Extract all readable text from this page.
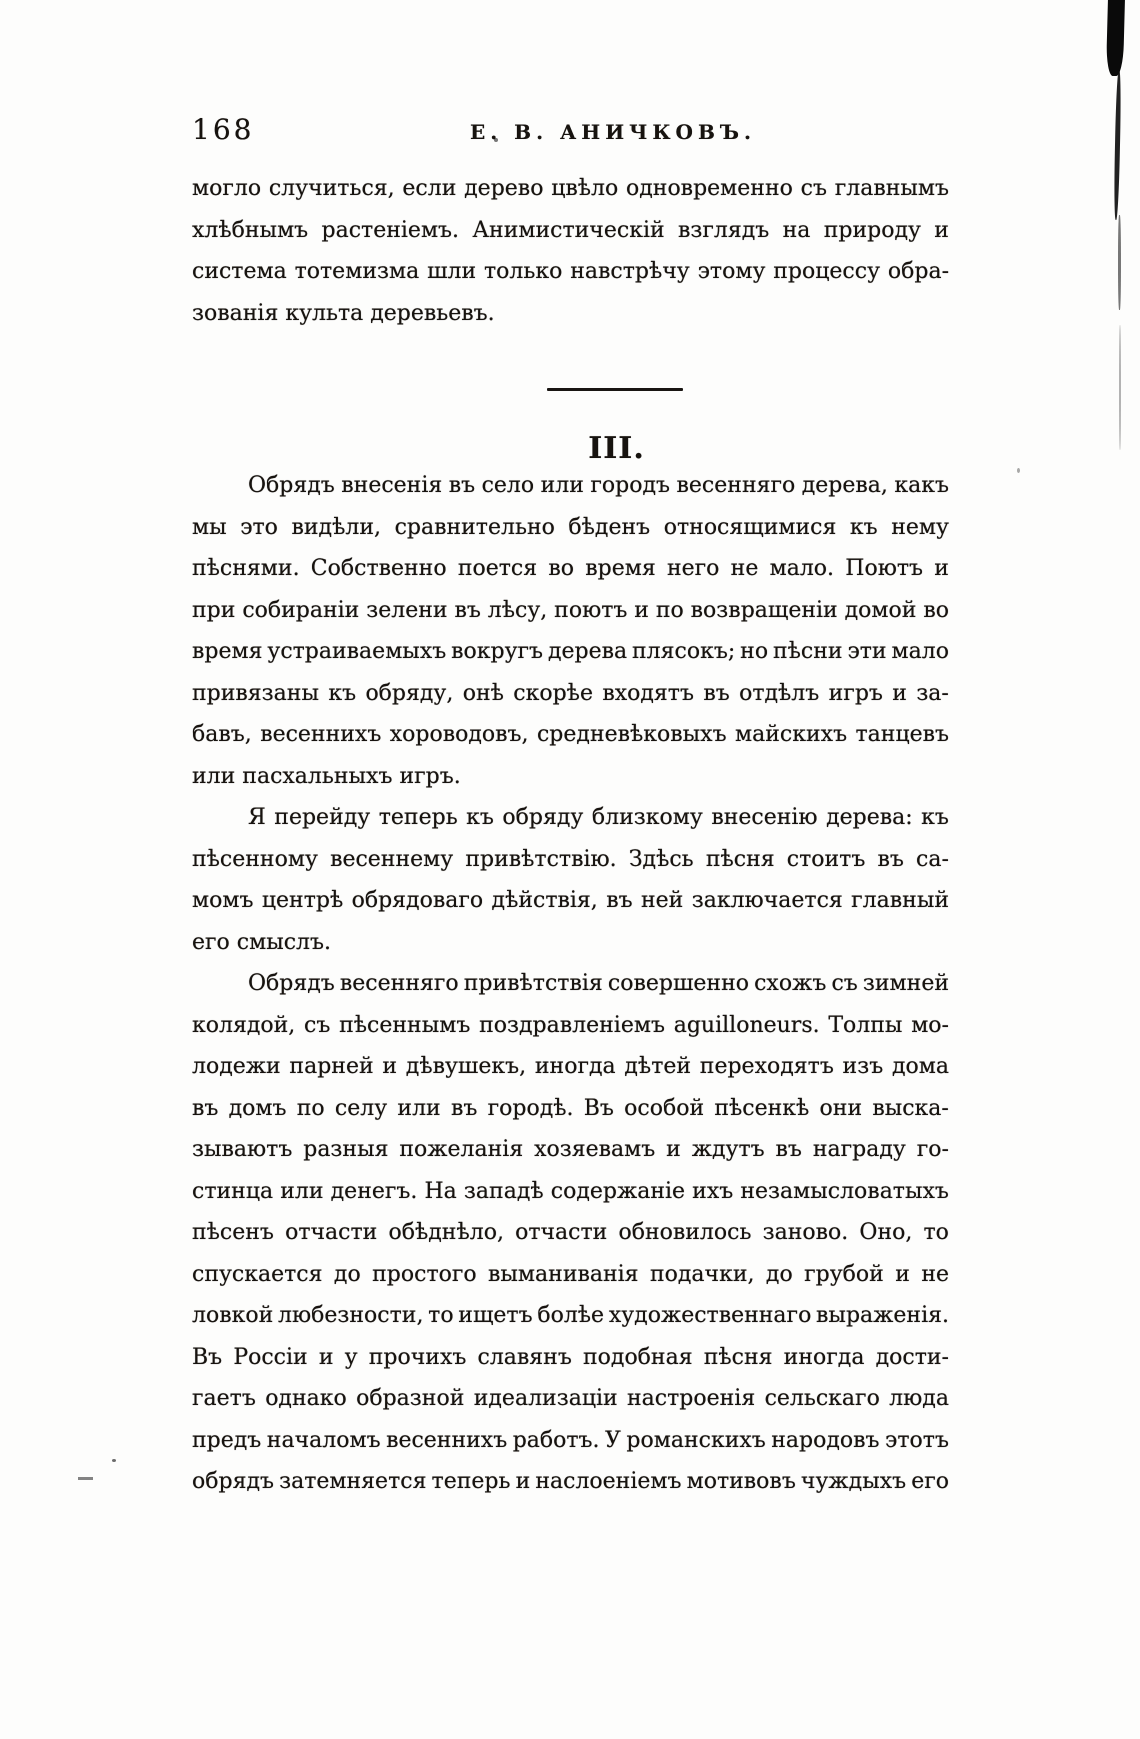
168	Е. В. АНИЧКОВЪ.

могло случиться, если дерево цвѣло одновременно съ главнымъ
хлѣбнымъ растеніемъ. Анимистическій взглядъ на природу и
система тотемизма шли только навстрѣчу этому процессу обра-
зованія культа деревьевъ.

III.

Обрядъ внесенія въ село или городъ весенняго дерева, какъ
мы это видѣли, сравнительно бѣденъ относящимися къ нему
пѣснями. Собственно поется во время него не мало. Поютъ и
при собираніи зелени въ лѣсу, поютъ и по возвращеніи домой во
время устраиваемыхъ вокругъ дерева плясокъ; но пѣсни эти мало
привязаны къ обряду, онѣ скорѣе входятъ въ отдѣлъ игръ и за-
бавъ, весеннихъ хороводовъ, средневѣковыхъ майскихъ танцевъ
или пасхальныхъ игръ.

Я перейду теперь къ обряду близкому внесенію дерева: къ
пѣсенному весеннему привѣтствію. Здѣсь пѣсня стоитъ въ са-
момъ центрѣ обрядоваго дѣйствія, въ ней заключается главный
его смыслъ.

Обрядъ весенняго привѣтствія совершенно схожъ съ зимней
колядой, съ пѣсеннымъ поздравленіемъ aguilloneurs. Толпы мо-
лодежи парней и дѣвушекъ, иногда дѣтей переходятъ изъ дома
въ домъ по селу или въ городѣ. Въ особой пѣсенкѣ они выска-
зываютъ разныя пожеланія хозяевамъ и ждутъ въ награду го-
стинца или денегъ. На западѣ содержаніе ихъ незамысловатыхъ
пѣсенъ отчасти обѣднѣло, отчасти обновилось заново. Оно, то
спускается до простого выманиванія подачки, до грубой и не
ловкой любезности, то ищетъ болѣе художественнаго выраженія.
Въ Россіи и у прочихъ славянъ подобная пѣсня иногда дости-
гаетъ однако образной идеализаціи настроенія сельскаго люда
предъ началомъ весеннихъ работъ. У романскихъ народовъ этотъ
обрядъ затемняется теперь и наслоеніемъ мотивовъ чуждыхъ его
